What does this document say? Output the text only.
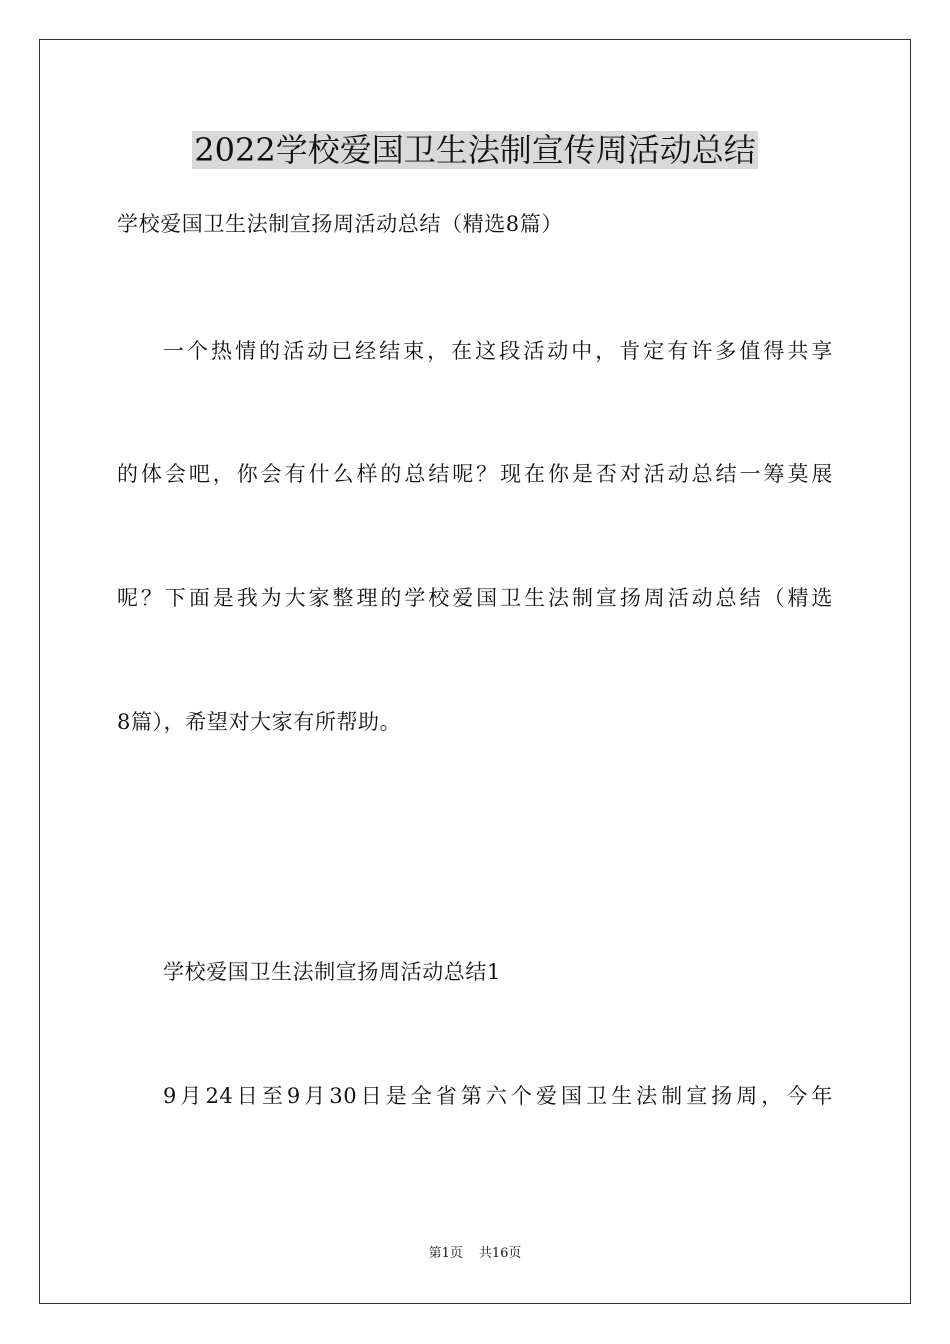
2022学校爱国卫生法制宣传周活动总结
学校爱国卫生法制宣扬周活动总结（精选8篇）
一个热情的活动已经结束，在这段活动中，肯定有许多值得共享
的体会吧，你会有什么样的总结呢？现在你是否对活动总结一筹莫展
呢？下面是我为大家整理的学校爱国卫生法制宣扬周活动总结（精选
8篇），希望对大家有所帮助。
学校爱国卫生法制宣扬周活动总结1
9月24日至9月30日是全省第六个爱国卫生法制宣扬周，今年
第1页 共16页
